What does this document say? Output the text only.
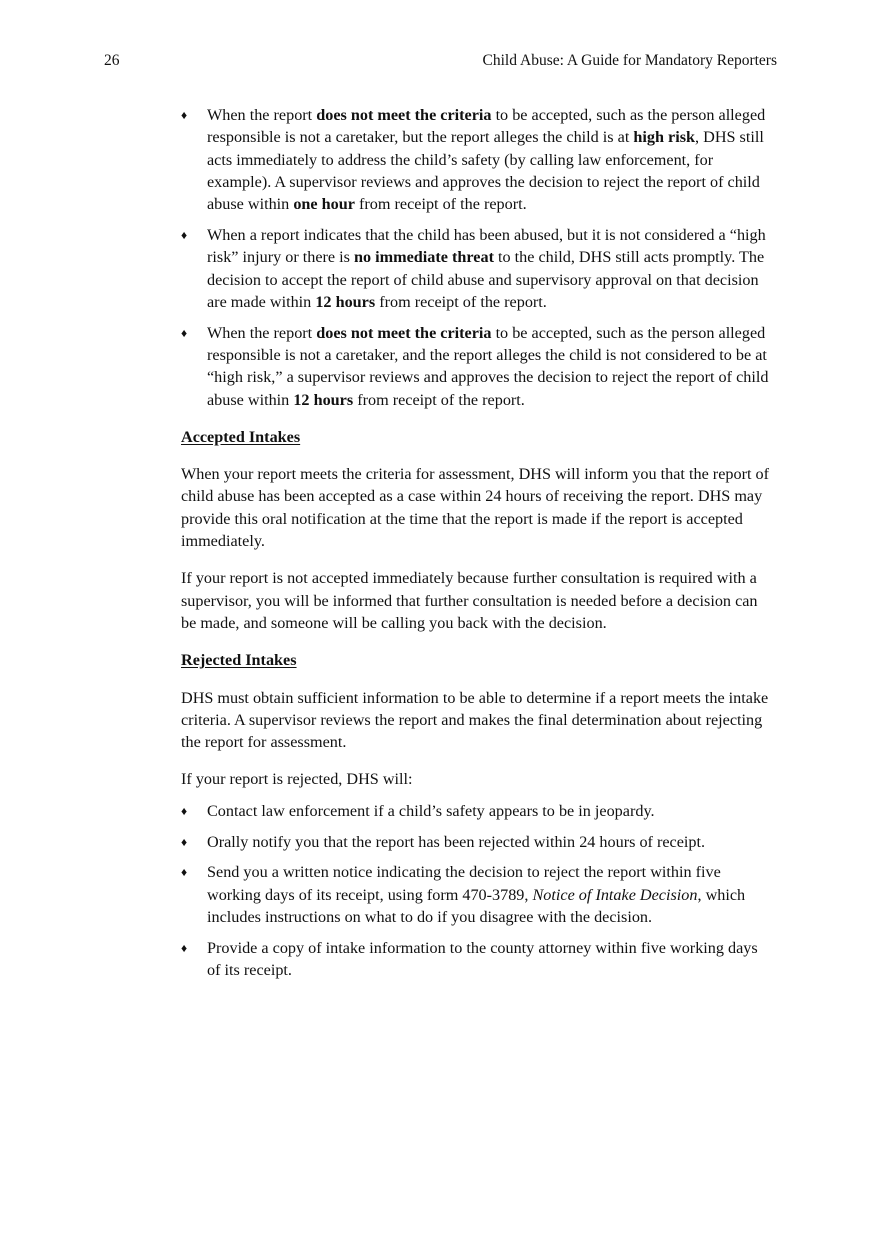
26	Child Abuse: A Guide for Mandatory Reporters
♦ When the report does not meet the criteria to be accepted, such as the person alleged responsible is not a caretaker, but the report alleges the child is at high risk, DHS still acts immediately to address the child’s safety (by calling law enforcement, for example). A supervisor reviews and approves the decision to reject the report of child abuse within one hour from receipt of the report.
♦ When a report indicates that the child has been abused, but it is not considered a “high risk” injury or there is no immediate threat to the child, DHS still acts promptly. The decision to accept the report of child abuse and supervisory approval on that decision are made within 12 hours from receipt of the report.
♦ When the report does not meet the criteria to be accepted, such as the person alleged responsible is not a caretaker, and the report alleges the child is not considered to be at “high risk,” a supervisor reviews and approves the decision to reject the report of child abuse within 12 hours from receipt of the report.
Accepted Intakes

When your report meets the criteria for assessment, DHS will inform you that the report of child abuse has been accepted as a case within 24 hours of receiving the report. DHS may provide this oral notification at the time that the report is made if the report is accepted immediately.

If your report is not accepted immediately because further consultation is required with a supervisor, you will be informed that further consultation is needed before a decision can be made, and someone will be calling you back with the decision.

Rejected Intakes

DHS must obtain sufficient information to be able to determine if a report meets the intake criteria. A supervisor reviews the report and makes the final determination about rejecting the report for assessment.

If your report is rejected, DHS will:

♦ Contact law enforcement if a child’s safety appears to be in jeopardy.
♦ Orally notify you that the report has been rejected within 24 hours of receipt.
♦ Send you a written notice indicating the decision to reject the report within five working days of its receipt, using form 470-3789, Notice of Intake Decision, which includes instructions on what to do if you disagree with the decision.
♦ Provide a copy of intake information to the county attorney within five working days of its receipt.
